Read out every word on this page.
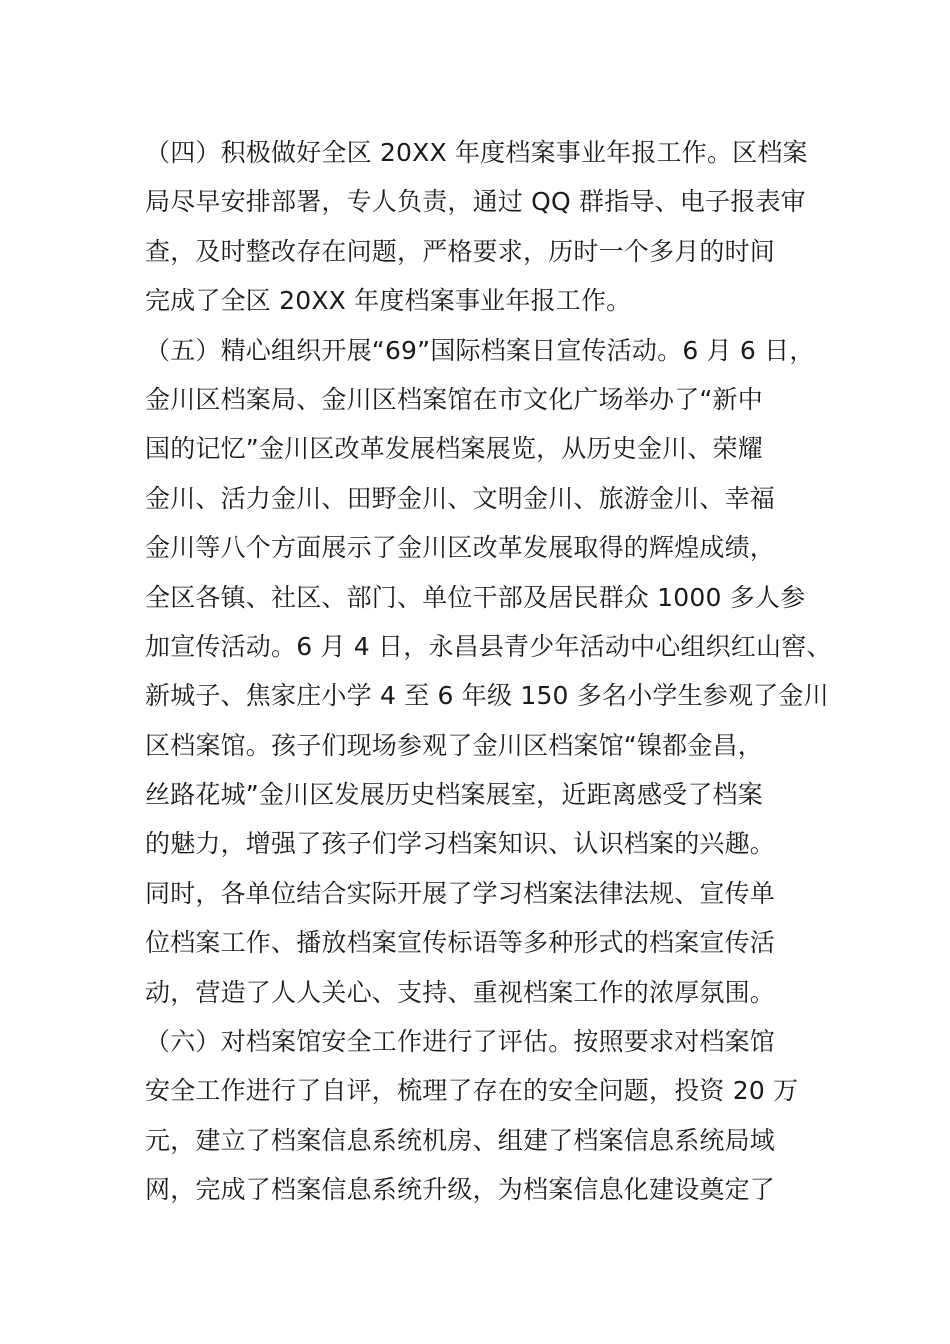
（四）积极做好全区 20XX 年度档案事业年报工作。区档案
局尽早安排部署，专人负责，通过 QQ 群指导、电子报表审
查，及时整改存在问题，严格要求，历时一个多月的时间
完成了全区 20XX 年度档案事业年报工作。
（五）精心组织开展“69”国际档案日宣传活动。6 月 6 日，
金川区档案局、金川区档案馆在市文化广场举办了“新中
国的记忆”金川区改革发展档案展览，从历史金川、荣耀
金川、活力金川、田野金川、文明金川、旅游金川、幸福
金川等八个方面展示了金川区改革发展取得的辉煌成绩，
全区各镇、社区、部门、单位干部及居民群众 1000 多人参
加宣传活动。6 月 4 日，永昌县青少年活动中心组织红山窖、
新城子、焦家庄小学 4 至 6 年级 150 多名小学生参观了金川
区档案馆。孩子们现场参观了金川区档案馆“镍都金昌，
丝路花城”金川区发展历史档案展室，近距离感受了档案
的魅力，增强了孩子们学习档案知识、认识档案的兴趣。
同时，各单位结合实际开展了学习档案法律法规、宣传单
位档案工作、播放档案宣传标语等多种形式的档案宣传活
动，营造了人人关心、支持、重视档案工作的浓厚氛围。
（六）对档案馆安全工作进行了评估。按照要求对档案馆
安全工作进行了自评，梳理了存在的安全问题，投资 20 万
元，建立了档案信息系统机房、组建了档案信息系统局域
网，完成了档案信息系统升级，为档案信息化建设奠定了
